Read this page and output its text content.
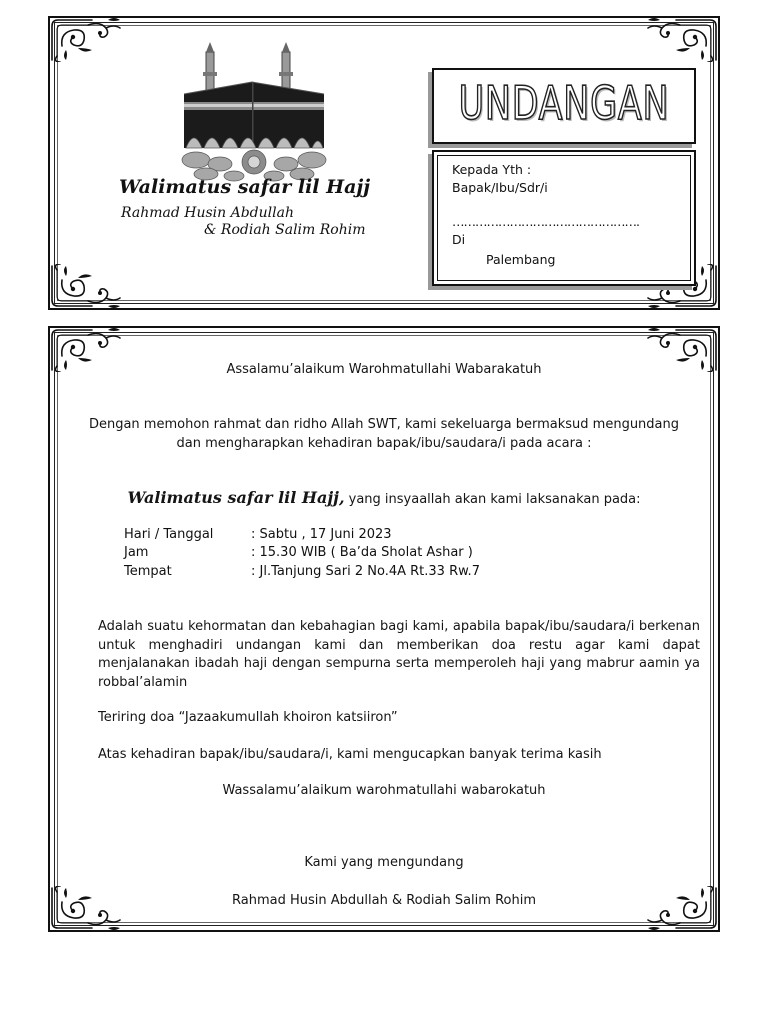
Walimatus safar lil Hajj
Rahmad Husin Abdullah
& Rodiah Salim Rohim
UNDANGAN
Kepada Yth :
Bapak/Ibu/Sdr/i
………………………………………….
Di
Palembang
Assalamu’alaikum Warohmatullahi Wabarakatuh
Dengan memohon rahmat dan ridho Allah SWT, kami sekeluarga bermaksud mengundang
dan mengharapkan kehadiran bapak/ibu/saudara/i pada acara :
Walimatus safar lil Hajj, yang insyaallah akan kami laksanakan pada:
Hari / Tanggal	: Sabtu , 17 Juni 2023
Jam	: 15.30 WIB ( Ba’da Sholat Ashar )
Tempat	: Jl.Tanjung Sari 2 No.4A Rt.33 Rw.7
Adalah suatu kehormatan dan kebahagian bagi kami, apabila bapak/ibu/saudara/i berkenan untuk menghadiri undangan kami dan memberikan doa restu agar kami dapat menjalanakan ibadah haji dengan sempurna serta memperoleh haji yang mabrur aamin ya robbal’alamin
Teriring doa “Jazaakumullah khoiron katsiiron”
Atas kehadiran bapak/ibu/saudara/i, kami mengucapkan banyak terima kasih
Wassalamu’alaikum warohmatullahi wabarokatuh
Kami yang mengundang
Rahmad Husin Abdullah & Rodiah Salim Rohim
